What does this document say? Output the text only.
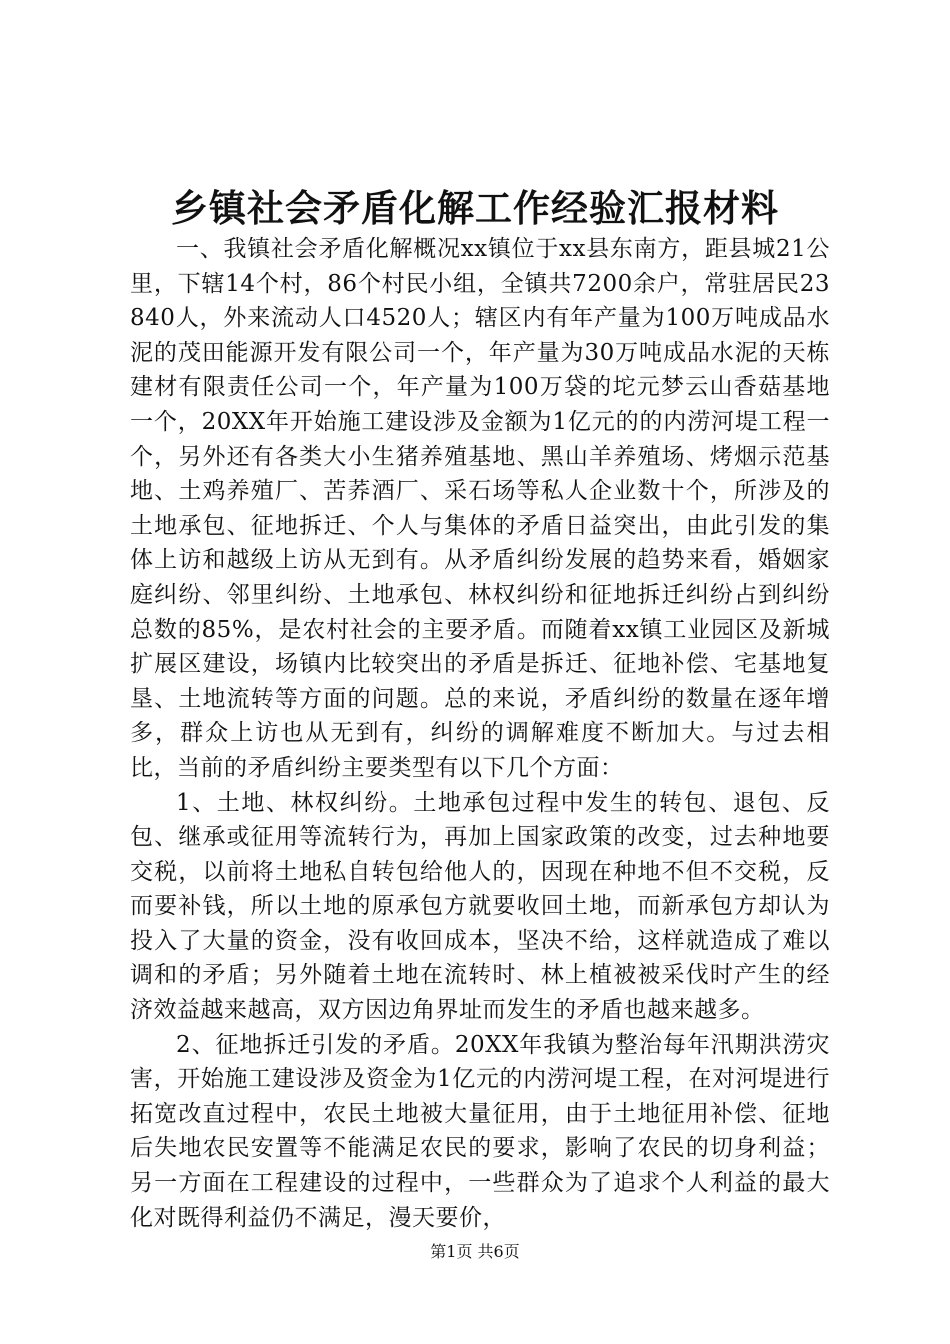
乡镇社会矛盾化解工作经验汇报材料

一、我镇社会矛盾化解概况xx镇位于xx县东南方，距县城21公里，下辖14个村，86个村民小组，全镇共7200余户，常驻居民23840人，外来流动人口4520人；辖区内有年产量为100万吨成品水泥的茂田能源开发有限公司一个，年产量为30万吨成品水泥的天栋建材有限责任公司一个，年产量为100万袋的坨元梦云山香菇基地一个，20XX年开始施工建设涉及金额为1亿元的的内涝河堤工程一个，另外还有各类大小生猪养殖基地、黑山羊养殖场、烤烟示范基地、土鸡养殖厂、苦荞酒厂、采石场等私人企业数十个，所涉及的土地承包、征地拆迁、个人与集体的矛盾日益突出，由此引发的集体上访和越级上访从无到有。从矛盾纠纷发展的趋势来看，婚姻家庭纠纷、邻里纠纷、土地承包、林权纠纷和征地拆迁纠纷占到纠纷总数的85%，是农村社会的主要矛盾。而随着xx镇工业园区及新城扩展区建设，场镇内比较突出的矛盾是拆迁、征地补偿、宅基地复垦、土地流转等方面的问题。总的来说，矛盾纠纷的数量在逐年增多，群众上访也从无到有，纠纷的调解难度不断加大。与过去相比，当前的矛盾纠纷主要类型有以下几个方面：

1、土地、林权纠纷。土地承包过程中发生的转包、退包、反包、继承或征用等流转行为，再加上国家政策的改变，过去种地要交税，以前将土地私自转包给他人的，因现在种地不但不交税，反而要补钱，所以土地的原承包方就要收回土地，而新承包方却认为投入了大量的资金，没有收回成本，坚决不给，这样就造成了难以调和的矛盾；另外随着土地在流转时、林上植被被采伐时产生的经济效益越来越高，双方因边角界址而发生的矛盾也越来越多。

2、征地拆迁引发的矛盾。20XX年我镇为整治每年汛期洪涝灾害，开始施工建设涉及资金为1亿元的内涝河堤工程，在对河堤进行拓宽改直过程中，农民土地被大量征用，由于土地征用补偿、征地后失地农民安置等不能满足农民的要求，影响了农民的切身利益；另一方面在工程建设的过程中，一些群众为了追求个人利益的最大化对既得利益仍不满足，漫天要价，

第1页 共6页
